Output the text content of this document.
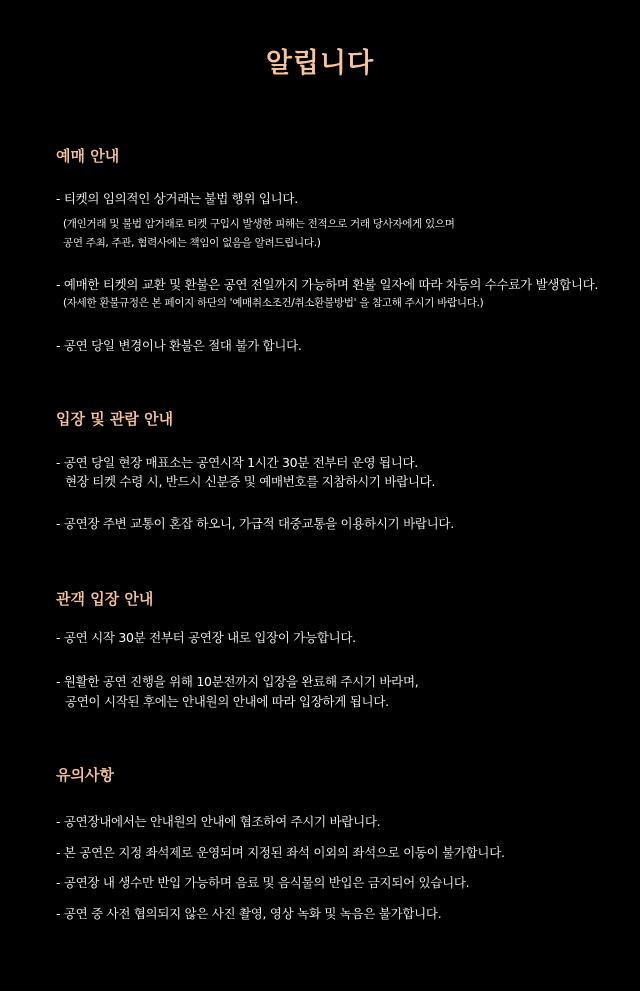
알립니다
예매 안내

- 티켓의 임의적인 상거래는 불법 행위 입니다.

(개인거래 및 불법 암거래로 티켓 구입시 발생한 피해는 전적으로 거래 당사자에게 있으며

공연 주최, 주관, 협력사에는 책임이 없음을 알려드립니다.)

- 예매한 티켓의 교환 및 환불은 공연 전일까지 가능하며 환불 일자에 따라 차등의 수수료가 발생합니다.

(자세한 환불규정은 본 페이지 하단의 '예매취소조건/취소환불방법' 을 참고해 주시기 바랍니다.)

- 공연 당일 변경이나 환불은 절대 불가 합니다.

입장 및 관람 안내

- 공연 당일 현장 매표소는 공연시작 1시간 30분 전부터 운영 됩니다.

현장 티켓 수령 시, 반드시 신분증 및 예매번호를 지참하시기 바랍니다.

- 공연장 주변 교통이 혼잡 하오니, 가급적 대중교통을 이용하시기 바랍니다.

관객 입장 안내

- 공연 시작 30분 전부터 공연장 내로 입장이 가능합니다.

- 원활한 공연 진행을 위해 10분전까지 입장을 완료해 주시기 바라며,

공연이 시작된 후에는 안내원의 안내에 따라 입장하게 됩니다.

유의사항

- 공연장내에서는 안내원의 안내에 협조하여 주시기 바랍니다.

- 본 공연은 지정 좌석제로 운영되며 지정된 좌석 이외의 좌석으로 이동이 불가합니다.

- 공연장 내 생수만 반입 가능하며 음료 및 음식물의 반입은 금지되어 있습니다.

- 공연 중 사전 협의되지 않은 사진 촬영, 영상 녹화 및 녹음은 불가합니다.
